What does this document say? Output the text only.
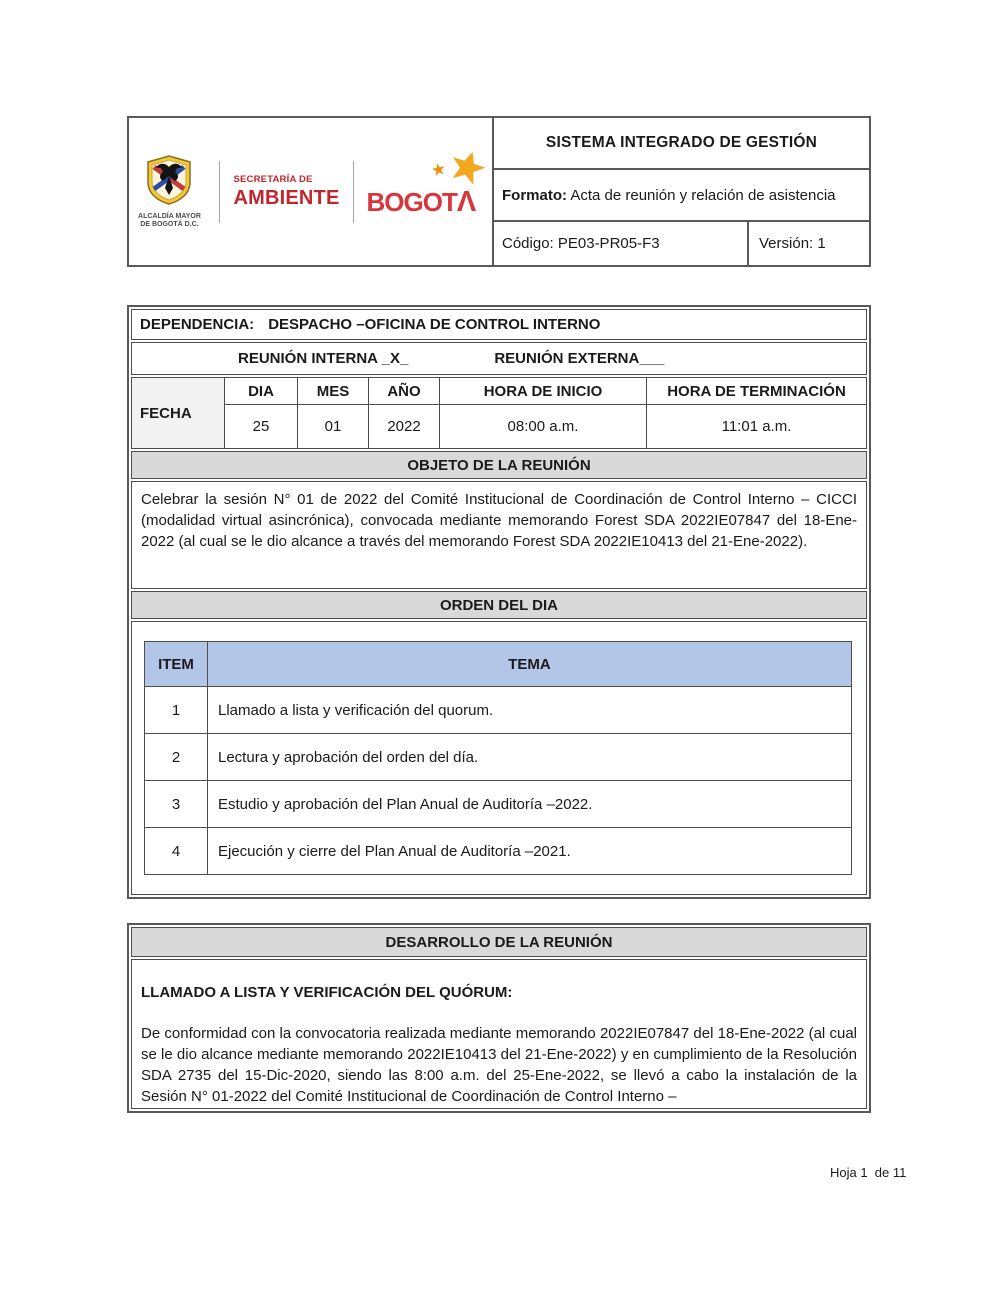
ALCALDÍA MAYOR
DE BOGOTÁ D.C.
SECRETARÍA DE
AMBIENTE BOGOTΛ
SISTEMA INTEGRADO DE GESTIÓN
Formato: Acta de reunión y relación de asistencia
Código: PE03-PR05-F3	Versión: 1
DEPENDENCIA: DESPACHO –OFICINA DE CONTROL INTERNO
REUNIÓN INTERNA _X_	REUNIÓN EXTERNA___
FECHA
DIA	MES	AÑO	HORA DE INICIO	HORA DE TERMINACIÓN
25	01	2022	08:00 a.m.	11:01 a.m.
OBJETO DE LA REUNIÓN
Celebrar la sesión N° 01 de 2022 del Comité Institucional de Coordinación de Control Interno – CICCI (modalidad virtual asincrónica), convocada mediante memorando Forest SDA 2022IE07847 del 18-Ene-2022 (al cual se le dio alcance a través del memorando Forest SDA 2022IE10413 del 21-Ene-2022).
ORDEN DEL DIA
ITEM	TEMA
1	Llamado a lista y verificación del quorum.
2	Lectura y aprobación del orden del día.
3	Estudio y aprobación del Plan Anual de Auditoría –2022.
4	Ejecución y cierre del Plan Anual de Auditoría –2021.
DESARROLLO DE LA REUNIÓN
LLAMADO A LISTA Y VERIFICACIÓN DEL QUÓRUM:
De conformidad con la convocatoria realizada mediante memorando 2022IE07847 del 18-Ene-2022 (al cual se le dio alcance mediante memorando 2022IE10413 del 21-Ene-2022) y en cumplimiento de la Resolución SDA 2735 del 15-Dic-2020, siendo las 8:00 a.m. del 25-Ene-2022, se llevó a cabo la instalación de la Sesión N° 01-2022 del Comité Institucional de Coordinación de Control Interno –
Hoja 1  de 11
